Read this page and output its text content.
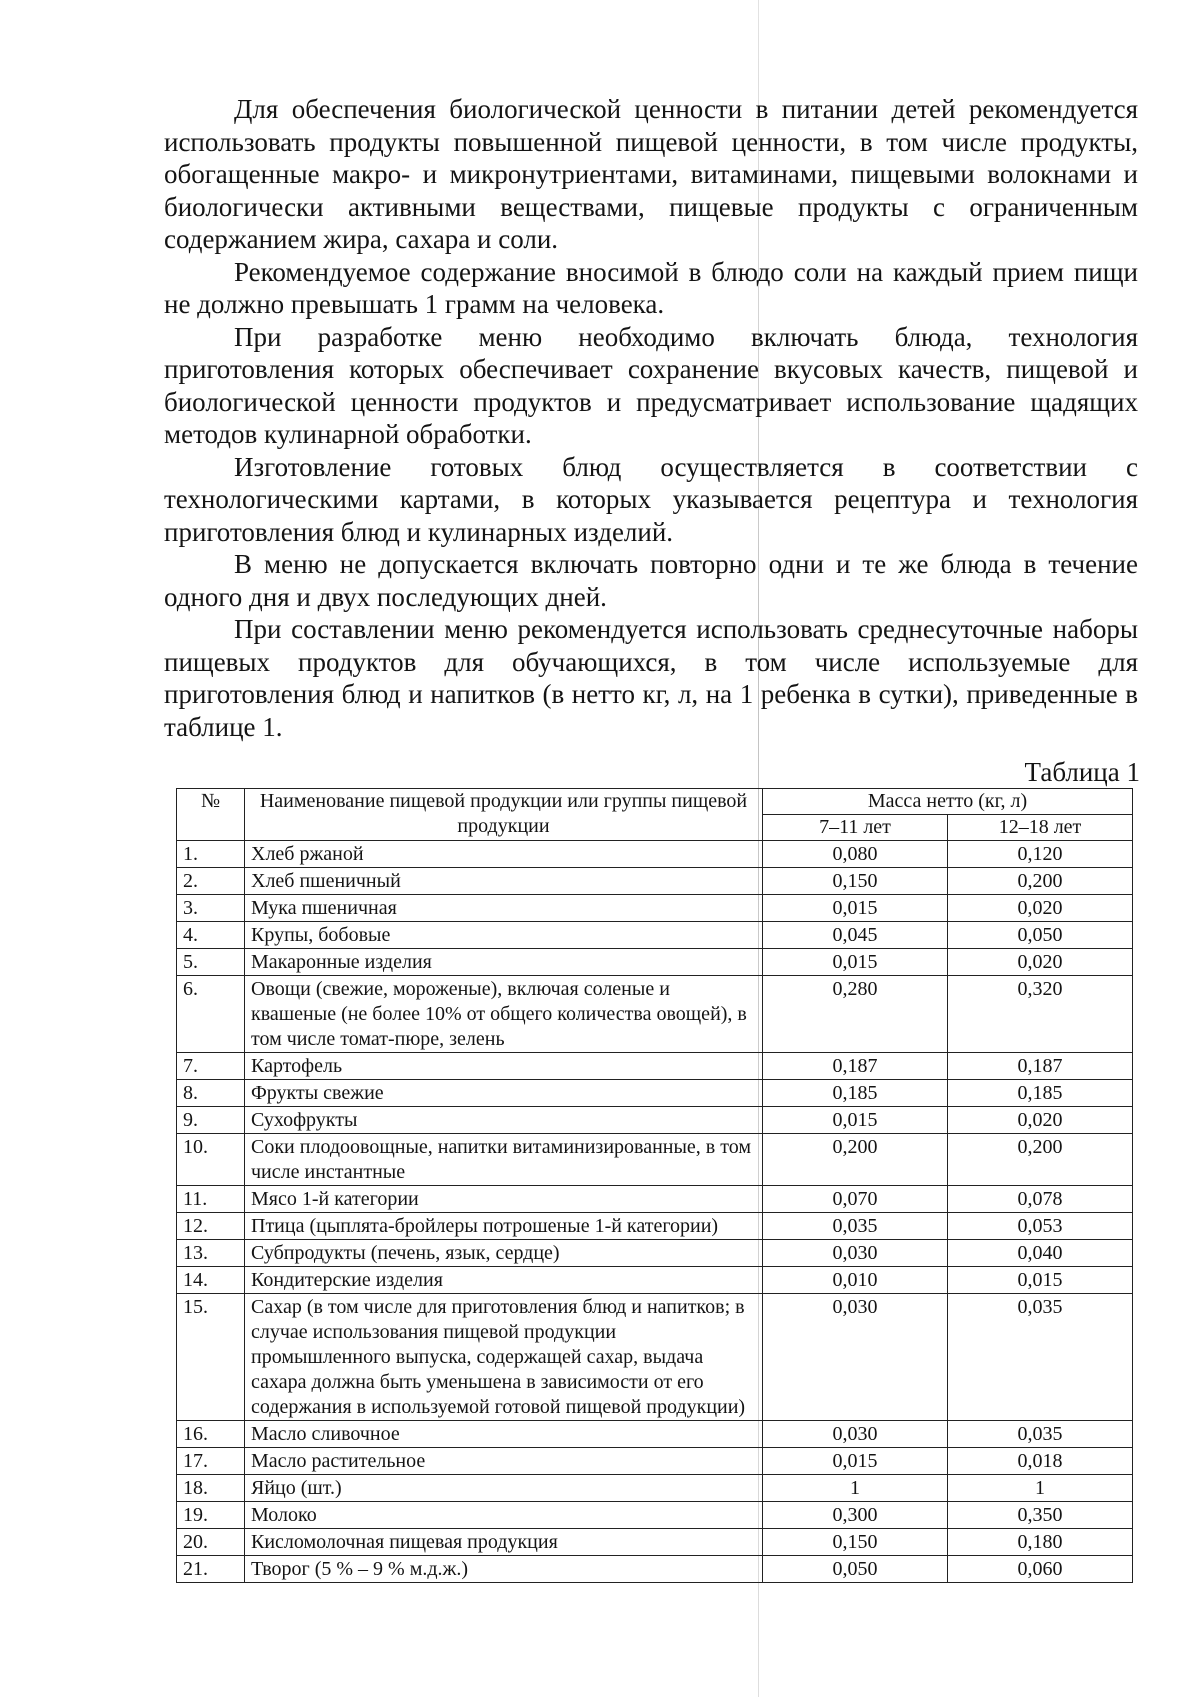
Для обеспечения биологической ценности в питании детей рекомендуется использовать продукты повышенной пищевой ценности, в том числе продукты, обогащенные макро- и микронутриентами, витаминами, пищевыми волокнами и биологически активными веществами, пищевые продукты с ограниченным содержанием жира, сахара и соли.

Рекомендуемое содержание вносимой в блюдо соли на каждый прием пищи не должно превышать 1 грамм на человека.

При разработке меню необходимо включать блюда, технология приготовления которых обеспечивает сохранение вкусовых качеств, пищевой и биологической ценности продуктов и предусматривает использование щадящих методов кулинарной обработки.

Изготовление готовых блюд осуществляется в соответствии с технологическими картами, в которых указывается рецептура и технология приготовления блюд и кулинарных изделий.

В меню не допускается включать повторно одни и те же блюда в течение одного дня и двух последующих дней.

При составлении меню рекомендуется использовать среднесуточные наборы пищевых продуктов для обучающихся, в том числе используемые для приготовления блюд и напитков (в нетто кг, л, на 1 ребенка в сутки), приведенные в таблице 1.

Таблица 1
№	Наименование пищевой продукции или группы пищевой продукции	Масса нетто (кг, л)	
		7–11 лет	12–18 лет
1.	Хлеб ржаной	0,080	0,120
2.	Хлеб пшеничный	0,150	0,200
3.	Мука пшеничная	0,015	0,020
4.	Крупы, бобовые	0,045	0,050
5.	Макаронные изделия	0,015	0,020
6.	Овощи (свежие, мороженые), включая соленые и квашеные (не более 10% от общего количества овощей), в том числе томат-пюре, зелень	0,280	0,320
7.	Картофель	0,187	0,187
8.	Фрукты свежие	0,185	0,185
9.	Сухофрукты	0,015	0,020
10.	Соки плодоовощные, напитки витаминизированные, в том числе инстантные	0,200	0,200
11.	Мясо 1-й категории	0,070	0,078
12.	Птица (цыплята-бройлеры потрошеные 1-й категории)	0,035	0,053
13.	Субпродукты (печень, язык, сердце)	0,030	0,040
14.	Кондитерские изделия	0,010	0,015
15.	Сахар (в том числе для приготовления блюд и напитков; в случае использования пищевой продукции промышленного выпуска, содержащей сахар, выдача сахара должна быть уменьшена в зависимости от его содержания в используемой готовой пищевой продукции)	0,030	0,035
16.	Масло сливочное	0,030	0,035
17.	Масло растительное	0,015	0,018
18.	Яйцо (шт.)	1	1
19.	Молоко	0,300	0,350
20.	Кисломолочная пищевая продукция	0,150	0,180
21.	Творог (5 % – 9 % м.д.ж.)	0,050	0,060
